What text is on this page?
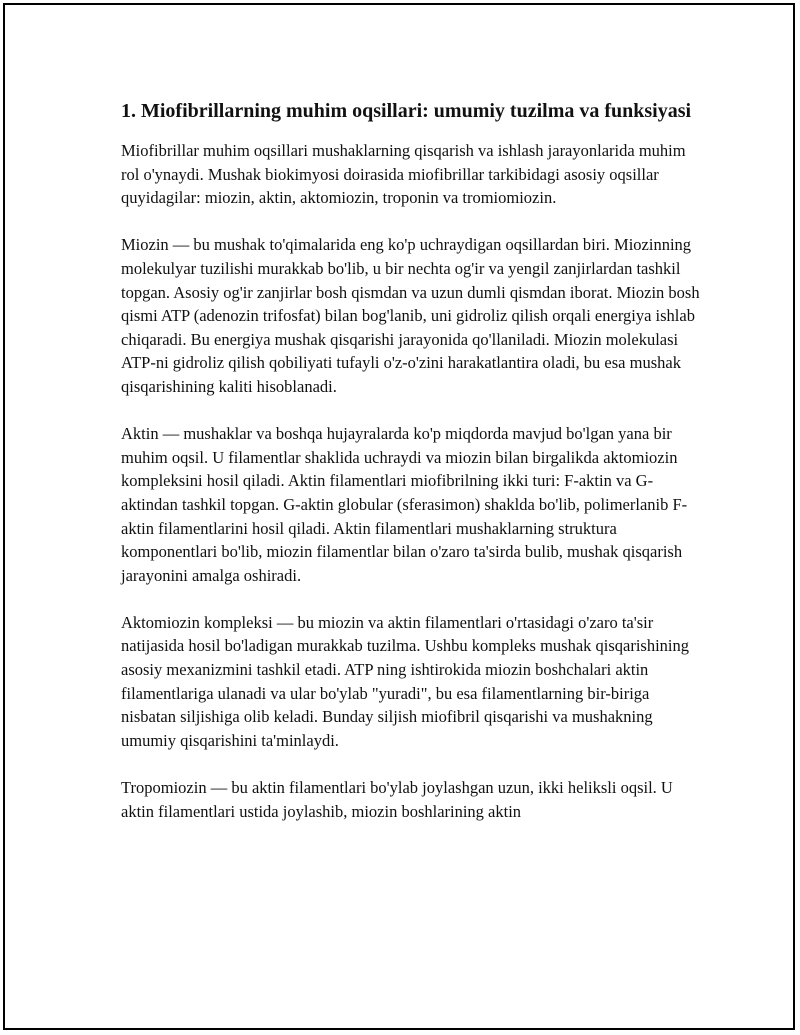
1. Miofibrillarning muhim oqsillari: umumiy tuzilma va funksiyasi

Miofibrillar muhim oqsillari mushaklarning qisqarish va ishlash jarayonlarida muhim rol o'ynaydi. Mushak biokimyosi doirasida miofibrillar tarkibidagi asosiy oqsillar quyidagilar: miozin, aktin, aktomiozin, troponin va tromiomiozin.

Miozin — bu mushak to'qimalarida eng ko'p uchraydigan oqsillardan biri. Miozinning molekulyar tuzilishi murakkab bo'lib, u bir nechta og'ir va yengil zanjirlardan tashkil topgan. Asosiy og'ir zanjirlar bosh qismdan va uzun dumli qismdan iborat. Miozin bosh qismi ATP (adenozin trifosfat) bilan bog'lanib, uni gidroliz qilish orqali energiya ishlab chiqaradi. Bu energiya mushak qisqarishi jarayonida qo'llaniladi. Miozin molekulasi ATP-ni gidroliz qilish qobiliyati tufayli o'z-o'zini harakatlantira oladi, bu esa mushak qisqarishining kaliti hisoblanadi.

Aktin — mushaklar va boshqa hujayralarda ko'p miqdorda mavjud bo'lgan yana bir muhim oqsil. U filamentlar shaklida uchraydi va miozin bilan birgalikda aktomiozin kompleksini hosil qiladi. Aktin filamentlari miofibrilning ikki turi: F-aktin va G-aktindan tashkil topgan. G-aktin globular (sferasimon) shaklda bo'lib, polimerlanib F-aktin filamentlarini hosil qiladi. Aktin filamentlari mushaklarning struktura komponentlari bo'lib, miozin filamentlar bilan o'zaro ta'sirda bulib, mushak qisqarish jarayonini amalga oshiradi.

Aktomiozin kompleksi — bu miozin va aktin filamentlari o'rtasidagi o'zaro ta'sir natijasida hosil bo'ladigan murakkab tuzilma. Ushbu kompleks mushak qisqarishining asosiy mexanizmini tashkil etadi. ATP ning ishtirokida miozin boshchalari aktin filamentlariga ulanadi va ular bo'ylab "yuradi", bu esa filamentlarning bir-biriga nisbatan siljishiga olib keladi. Bunday siljish miofibril qisqarishi va mushakning umumiy qisqarishini ta'minlaydi.

Tropomiozin — bu aktin filamentlari bo'ylab joylashgan uzun, ikki heliksli oqsil. U aktin filamentlari ustida joylashib, miozin boshlarining aktin
